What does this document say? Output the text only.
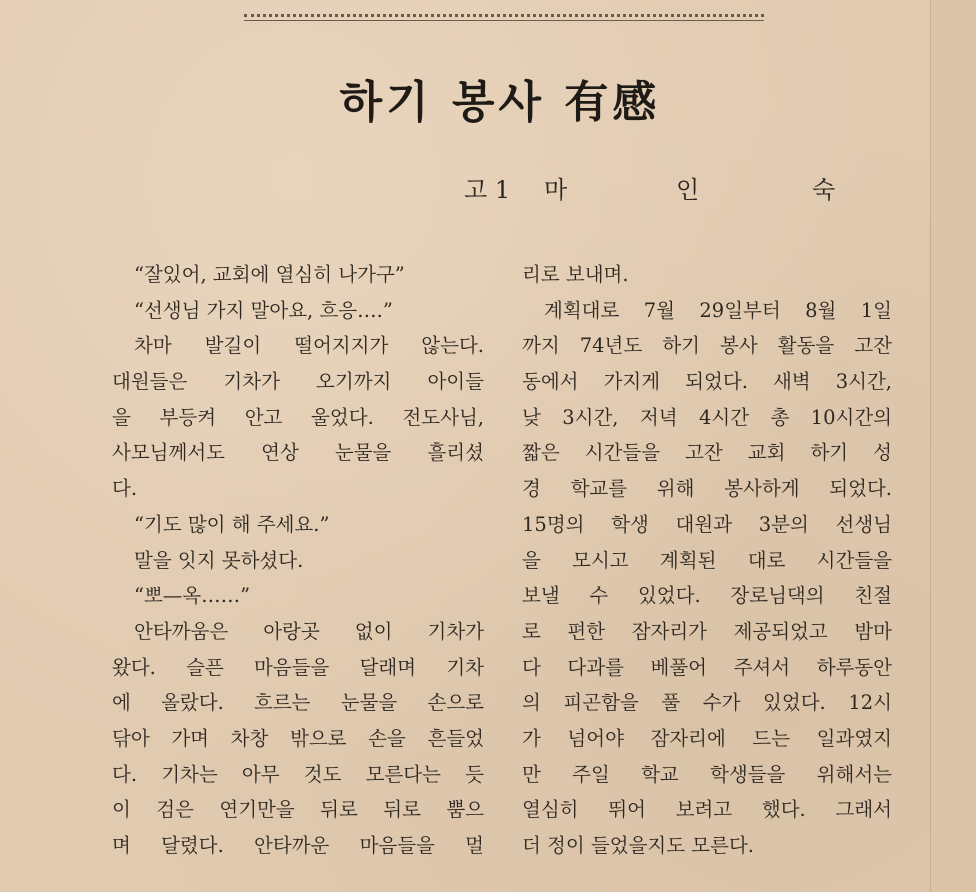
하기 봉사 有感
고 1 마	인	숙
“잘있어, 교회에 열심히 나가구”
“선생님 가지 말아요, 흐응….”
차마 발길이 떨어지지가 않는다.
대원들은 기차가 오기까지 아이들
을 부등켜 안고 울었다. 전도사님,
사모님께서도 연상 눈물을 흘리셨
다.
“기도 많이 해 주세요.”
말을 잇지 못하셨다.
“뽀—옥……”
안타까움은 아랑곳 없이 기차가
왔다. 슬픈 마음들을 달래며 기차
에 올랐다. 흐르는 눈물을 손으로
닦아 가며 차창 밖으로 손을 흔들었
다. 기차는 아무 것도 모른다는 듯
이 검은 연기만을 뒤로 뒤로 뿜으
며 달렸다. 안타까운 마음들을 멀
리로 보내며.
계획대로 7월 29일부터 8월 1일
까지 74년도 하기 봉사 활동을 고잔
동에서 가지게 되었다. 새벽 3시간,
낮 3시간, 저녁 4시간 총 10시간의
짧은 시간들을 고잔 교회 하기 성
경 학교를 위해 봉사하게 되었다.
15명의 학생 대원과 3분의 선생님
을 모시고 계획된 대로 시간들을
보낼 수 있었다. 장로님댁의 친절
로 편한 잠자리가 제공되었고 밤마
다 다과를 베풀어 주셔서 하루동안
의 피곤함을 풀 수가 있었다. 12시
가 넘어야 잠자리에 드는 일과였지
만 주일 학교 학생들을 위해서는
열심히 뛰어 보려고 했다. 그래서
더 정이 들었을지도 모른다.
